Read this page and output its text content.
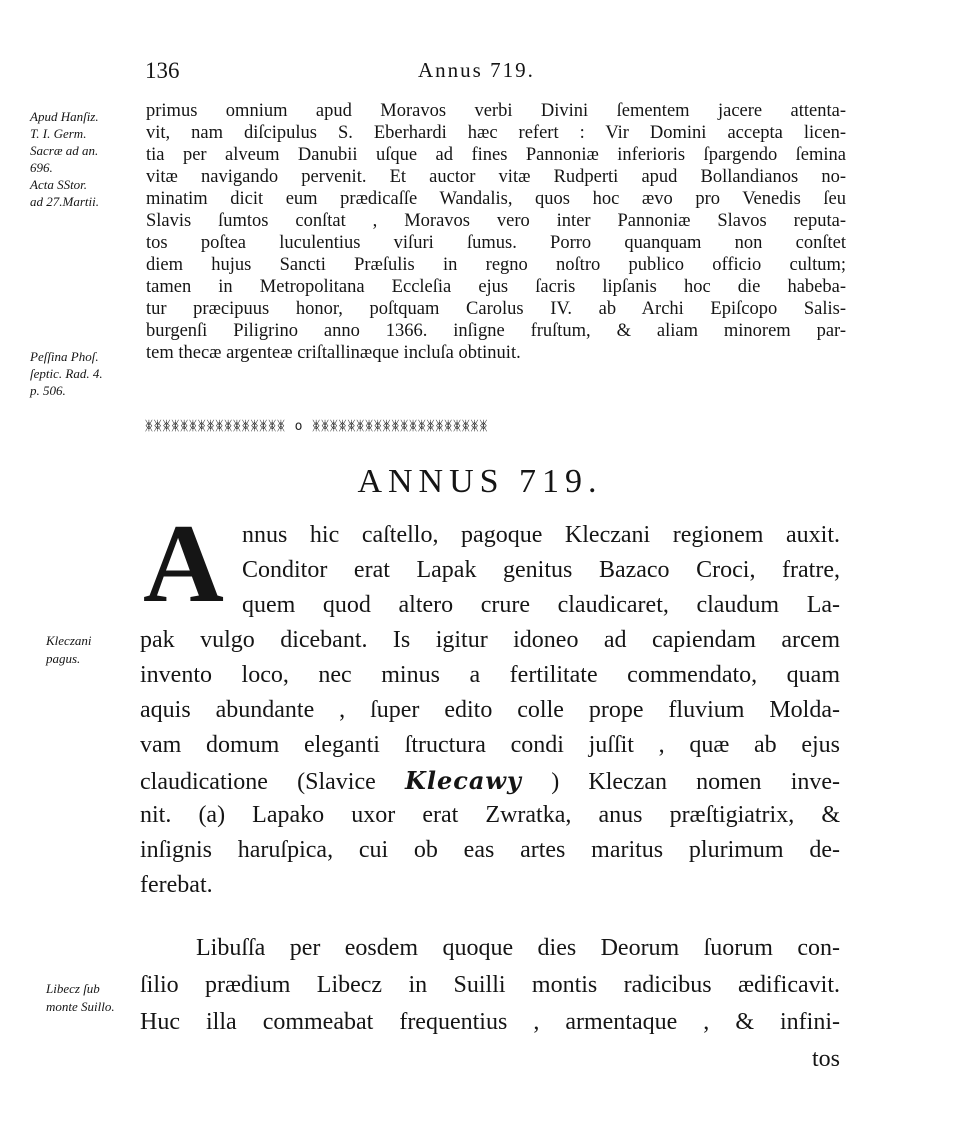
136	Annus 719.
Apud Hanſiz.
T. I. Germ.
Sacræ ad an.
696.
Acta SStor.
ad 27.Martii.
primus omnium apud Moravos verbi Divini ſementem jacere attenta-
vit, nam diſcipulus S. Eberhardi hæc refert : Vir Domini accepta licen-
tia per alveum Danubii uſque ad fines Pannoniæ inferioris ſpargendo ſemina
vitæ navigando pervenit. Et auctor vitæ Rudperti apud Bollandianos no-
minatim dicit eum prædicaſſe Wandalis, quos hoc ævo pro Venedis ſeu
Slavis ſumtos conſtat , Moravos vero inter Pannoniæ Slavos reputa-
tos poſtea luculentius viſuri ſumus. Porro quanquam non conſtet
diem hujus Sancti Præſulis in regno noſtro publico officio cultum;
tamen in Metropolitana Eccleſia ejus ſacris lipſanis hoc die habeba-
tur præcipuus honor, poſtquam Carolus IV. ab Archi Epiſcopo Salis-
burgenſi Piligrino anno 1366. inſigne fruſtum, & aliam minorem par-
tem thecæ argenteæ criſtallinæque incluſa obtinuit.
Peſſina Phoſ.
ſeptic. Rad. 4.
p. 506.
ᛤᛤᛤᛤᛤᛤᛤᛤᛤᛤᛤᛤᛤᛤᛤᛤ o ᛤᛤᛤᛤᛤᛤᛤᛤᛤᛤᛤᛤᛤᛤᛤᛤᛤᛤᛤᛤ
ANNUS 719.
A nnus hic caſtello, pagoque Kleczani regionem auxit.
Conditor erat Lapak genitus Bazaco Croci, fratre,
quem quod altero crure claudicaret, claudum La-
pak vulgo dicebant. Is igitur idoneo ad capiendam arcem
invento loco, nec minus a fertilitate commendato, quam
aquis abundante , ſuper edito colle prope fluvium Molda-
vam domum eleganti ſtructura condi juſſit , quæ ab ejus
claudicatione (Slavice Klecawy ) Kleczan nomen inve-
nit. (a) Lapako uxor erat Zwratka, anus præſtigiatrix, &
inſignis haruſpica, cui ob eas artes maritus plurimum de-
ferebat.
Kleczani
pagus.
Libuſſa per eosdem quoque dies Deorum ſuorum con-
ſilio prædium Libecz in Suilli montis radicibus ædificavit.
Huc illa commeabat frequentius , armentaque , & infini-
tos
Libecz ſub
monte Suillo.
